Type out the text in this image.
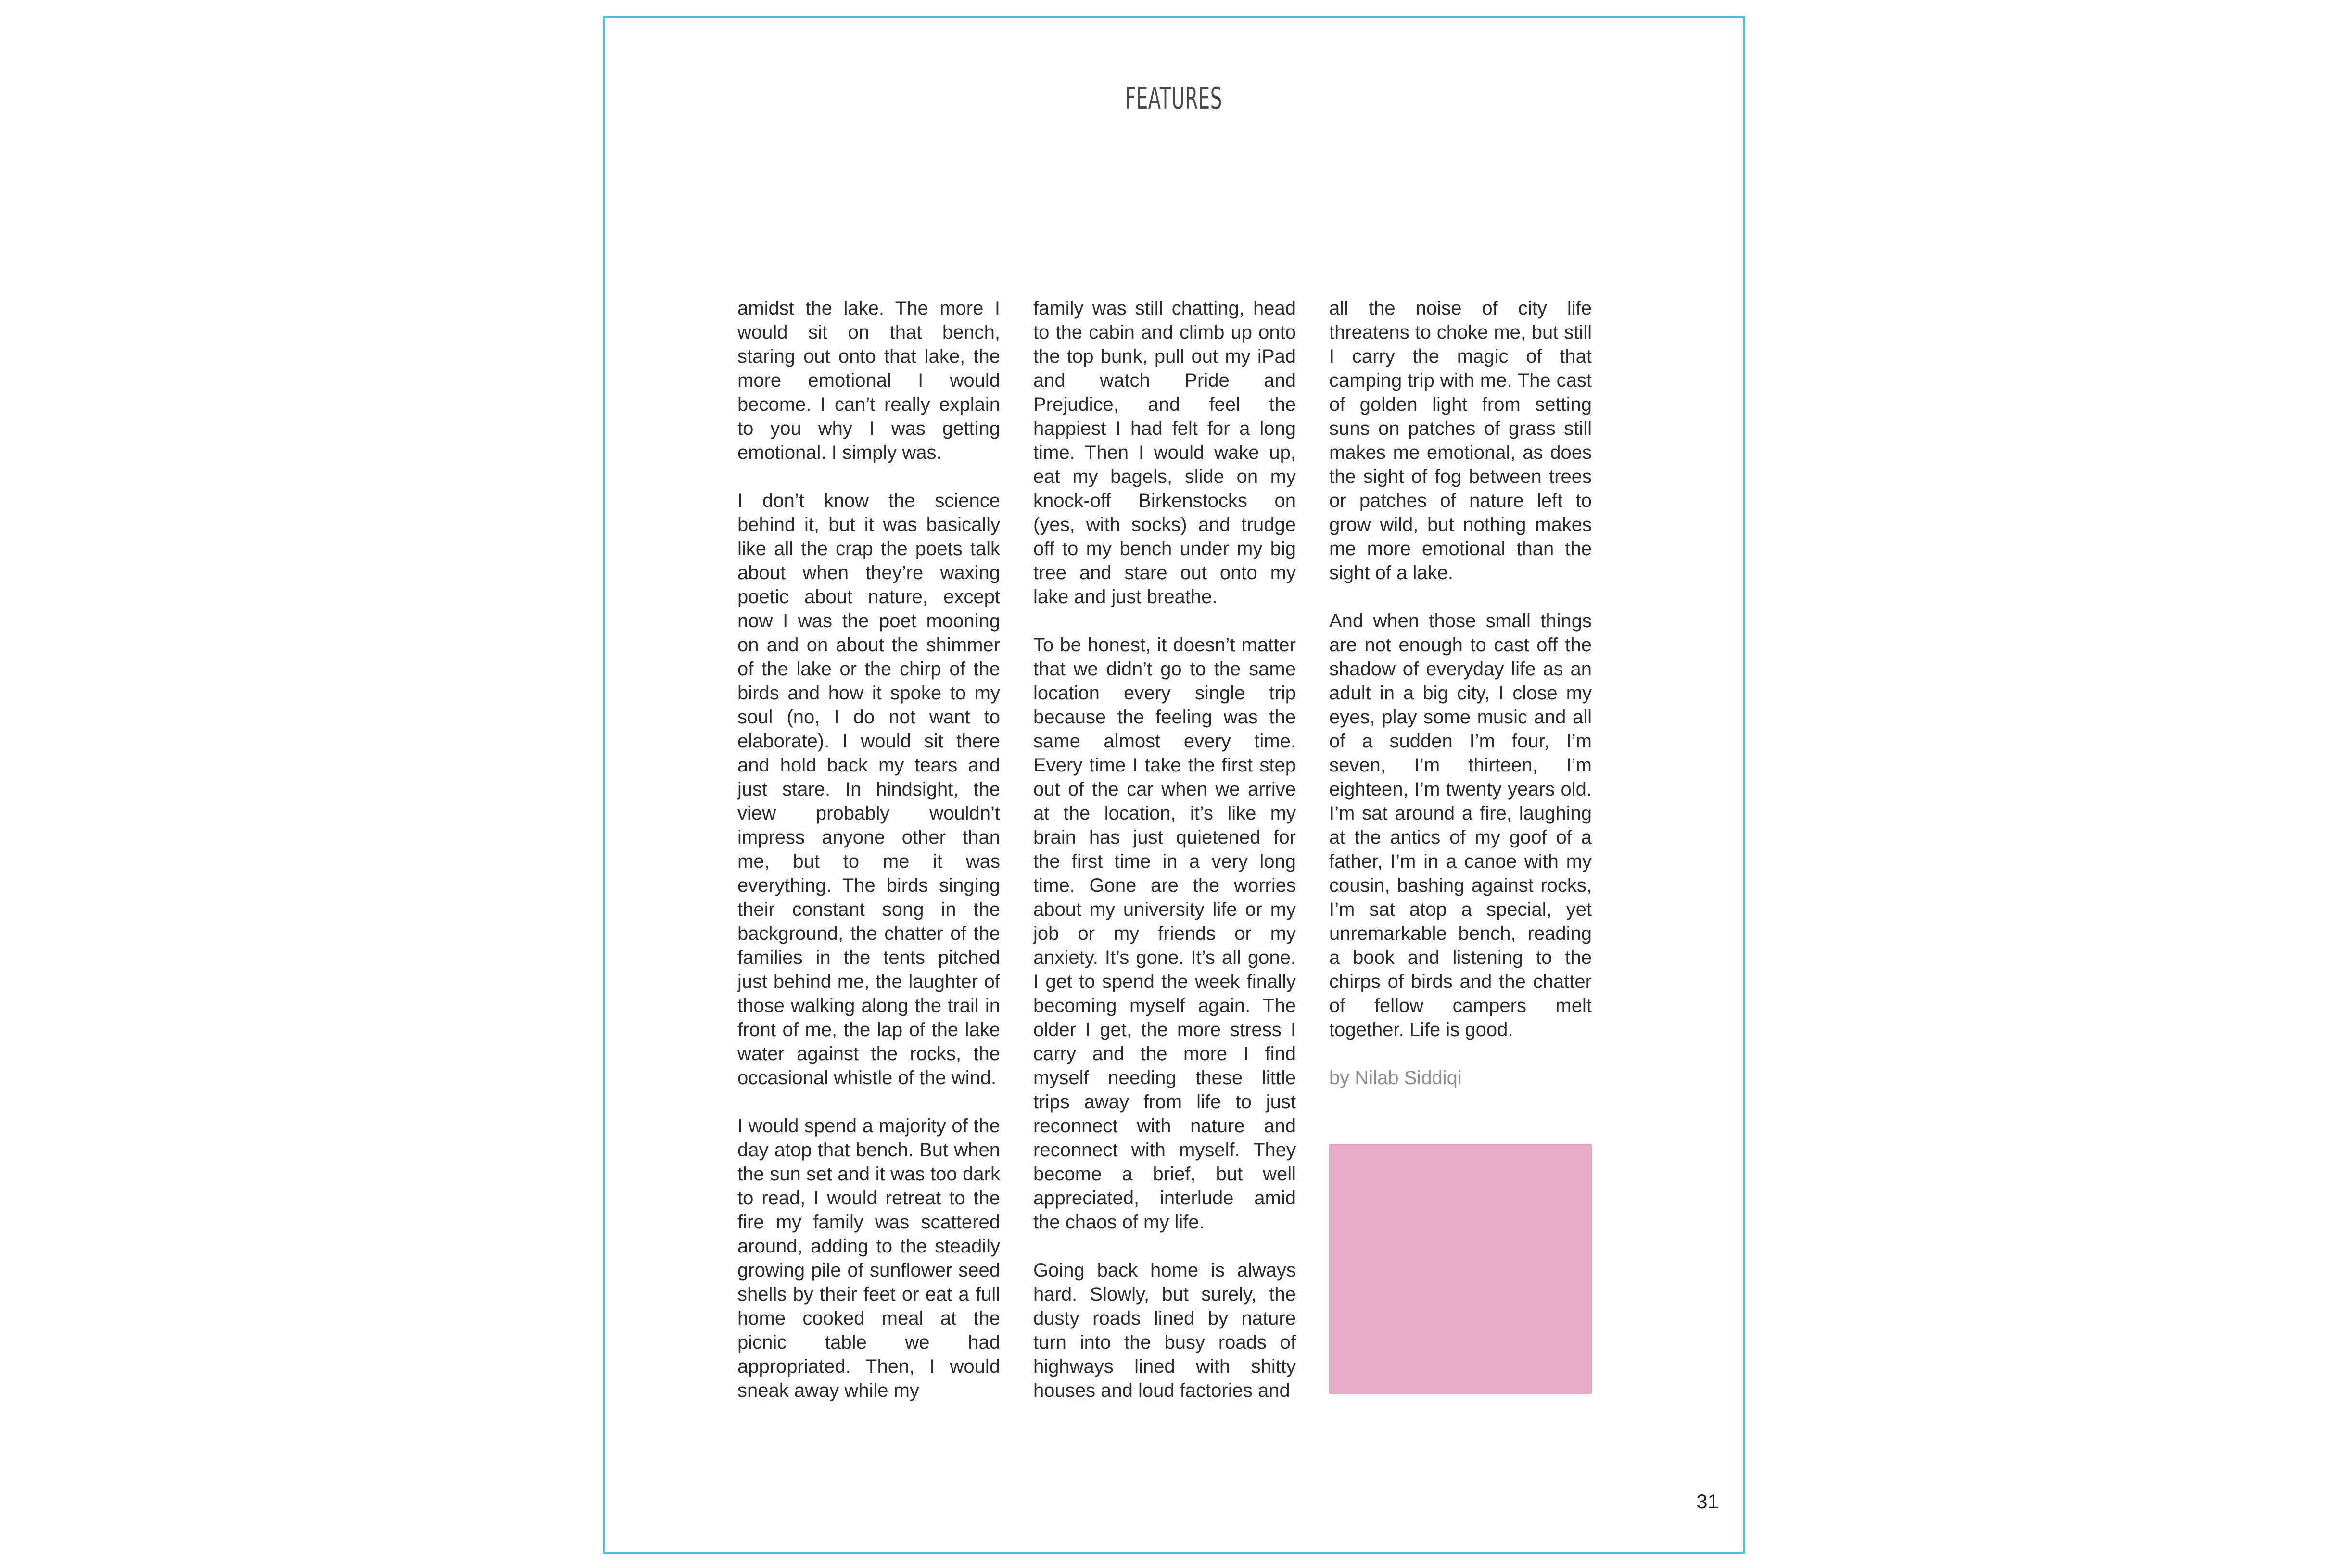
FEATURES

amidst the lake. The more I would sit on that bench, staring out onto that lake, the more emotional I would become. I can’t really explain to you why I was getting emotional. I simply was.

I don’t know the science behind it, but it was basically like all the crap the poets talk about when they’re waxing poetic about nature, except now I was the poet mooning on and on about the shimmer of the lake or the chirp of the birds and how it spoke to my soul (no, I do not want to elaborate). I would sit there and hold back my tears and just stare. In hindsight, the view probably wouldn’t impress anyone other than me, but to me it was everything. The birds singing their constant song in the background, the chatter of the families in the tents pitched just behind me, the laughter of those walking along the trail in front of me, the lap of the lake water against the rocks, the occasional whistle of the wind.

I would spend a majority of the day atop that bench. But when the sun set and it was too dark to read, I would retreat to the fire my family was scattered around, adding to the steadily growing pile of sunflower seed shells by their feet or eat a full home cooked meal at the picnic table we had appropriated. Then, I would sneak away while my

family was still chatting, head to the cabin and climb up onto the top bunk, pull out my iPad and watch Pride and Prejudice, and feel the happiest I had felt for a long time. Then I would wake up, eat my bagels, slide on my knock-off Birkenstocks on (yes, with socks) and trudge off to my bench under my big tree and stare out onto my lake and just breathe.

To be honest, it doesn’t matter that we didn’t go to the same location every single trip because the feeling was the same almost every time. Every time I take the first step out of the car when we arrive at the location, it’s like my brain has just quietened for the first time in a very long time. Gone are the worries about my university life or my job or my friends or my anxiety. It’s gone. It’s all gone. I get to spend the week finally becoming myself again. The older I get, the more stress I carry and the more I find myself needing these little trips away from life to just reconnect with nature and reconnect with myself. They become a brief, but well appreciated, interlude amid the chaos of my life.

Going back home is always hard. Slowly, but surely, the dusty roads lined by nature turn into the busy roads of highways lined with shitty houses and loud factories and

all the noise of city life threatens to choke me, but still I carry the magic of that camping trip with me. The cast of golden light from setting suns on patches of grass still makes me emotional, as does the sight of fog between trees or patches of nature left to grow wild, but nothing makes me more emotional than the sight of a lake.

And when those small things are not enough to cast off the shadow of everyday life as an adult in a big city, I close my eyes, play some music and all of a sudden I’m four, I’m seven, I’m thirteen, I’m eighteen, I’m twenty years old. I’m sat around a fire, laughing at the antics of my goof of a father, I’m in a canoe with my cousin, bashing against rocks, I’m sat atop a special, yet unremarkable bench, reading a book and listening to the chirps of birds and the chatter of fellow campers melt together. Life is good.

by Nilab Siddiqi
31
